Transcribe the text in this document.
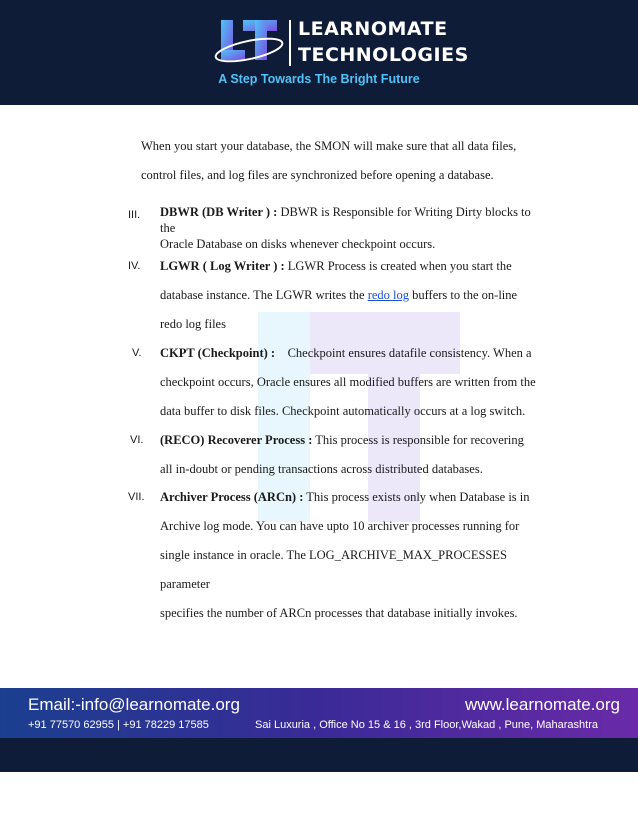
LEARNOMATE
TECHNOLOGIES
A Step Towards The Bright Future

When you start your database, the SMON will make sure that all data files,

control files, and log files are synchronized before opening a database.

III. DBWR (DB Writer ) : DBWR is Responsible for Writing Dirty blocks to
the
Oracle Database on disks whenever checkpoint occurs.
IV. LGWR ( Log Writer ) : LGWR Process is created when you start the
database instance. The LGWR writes the redo log buffers to the on-line
redo log files
V. CKPT (Checkpoint) :    Checkpoint ensures datafile consistency. When a
checkpoint occurs, Oracle ensures all modified buffers are written from the
data buffer to disk files. Checkpoint automatically occurs at a log switch.
VI. (RECO) Recoverer Process : This process is responsible for recovering
all in-doubt or pending transactions across distributed databases.
VII. Archiver Process (ARCn) : This process exists only when Database is in
Archive log mode. You can have upto 10 archiver processes running for
single instance in oracle. The LOG_ARCHIVE_MAX_PROCESSES
parameter
specifies the number of ARCn processes that database initially invokes.
Email:-info@learnomate.org	www.learnomate.org
+91 77570 62955 | +91 78229 17585	Sai Luxuria , Office No 15 & 16 , 3rd Floor,Wakad , Pune, Maharashtra
